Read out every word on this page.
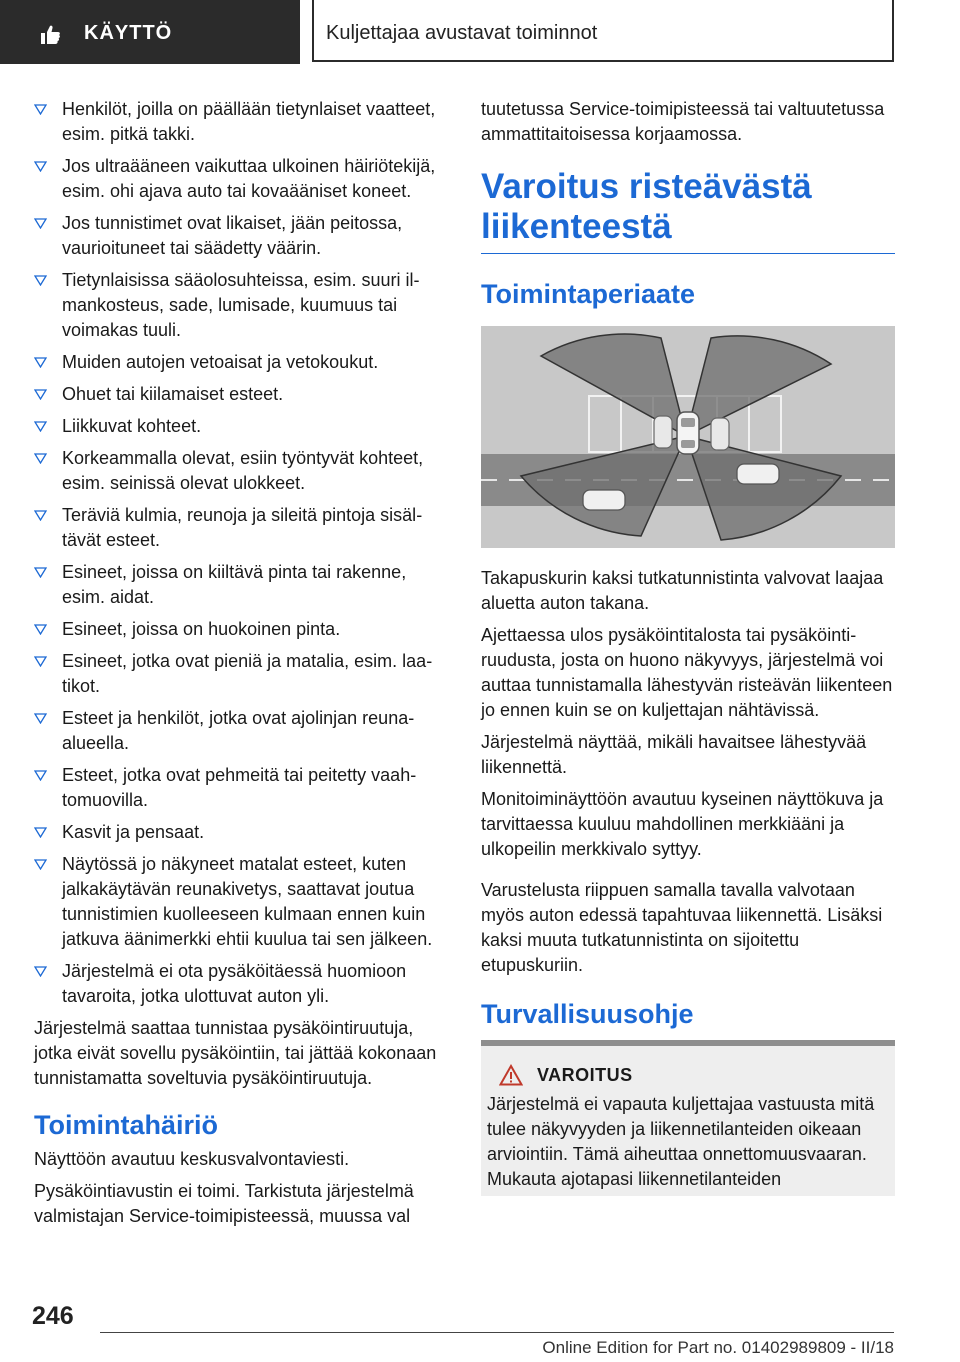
KÄYTTÖ	Kuljettajaa avustavat toiminnot
Henkilöt, joilla on päällään tietynlaiset vaatteet, esim. pitkä takki.
Jos ultraääneen vaikuttaa ulkoinen häiriötekijä, esim. ohi ajava auto tai kovaääniset koneet.
Jos tunnistimet ovat likaiset, jään peitossa, vaurioituneet tai säädetty väärin.
Tietynlaisissa sääolosuhteissa, esim. suuri ilmankosteus, sade, lumisade, kuumuus tai voimakas tuuli.
Muiden autojen vetoaisat ja vetokoukut.
Ohuet tai kiilamaiset esteet.
Liikkuvat kohteet.
Korkeammalla olevat, esiin työntyvät kohteet, esim. seinissä olevat ulokkeet.
Teräviä kulmia, reunoja ja sileitä pintoja sisältävät esteet.
Esineet, joissa on kiiltävä pinta tai rakenne, esim. aidat.
Esineet, joissa on huokoinen pinta.
Esineet, jotka ovat pieniä ja matalia, esim. laatikot.
Esteet ja henkilöt, jotka ovat ajolinjan reunaalueella.
Esteet, jotka ovat pehmeitä tai peitetty vaahtomuovilla.
Kasvit ja pensaat.
Näytössä jo näkyneet matalat esteet, kuten jalkakäytävän reunakivetys, saattavat joutua tunnistimien kuolleeseen kulmaan ennen kuin jatkuva äänimerkki ehtii kuulua tai sen jälkeen.
Järjestelmä ei ota pysäköitäessä huomioon tavaroita, jotka ulottuvat auton yli.

Järjestelmä saattaa tunnistaa pysäköintiruutuja, jotka eivät sovellu pysäköintiin, tai jättää kokonaan tunnistamatta soveltuvia pysäköintiruutuja.

Toimintahäiriö

Näyttöön avautuu keskusvalvontaviesti.

Pysäköintiavustin ei toimi. Tarkistuta järjestelmä valmistajan Service-toimipisteessä, muussa val

tuutetussa Service-toimipisteessä tai valtuutetussa ammattitaitoisessa korjaamossa.

Varoitus risteävästä liikenteestä
Toimintaperiaate

Takapuskurin kaksi tutkatunnistinta valvovat laajaa aluetta auton takana.

Ajettaessa ulos pysäköintitalosta tai pysäköintiruudusta, josta on huono näkyvyys, järjestelmä voi auttaa tunnistamalla lähestyvän risteävän liikenteen jo ennen kuin se on kuljettajan nähtävissä.

Järjestelmä näyttää, mikäli havaitsee lähestyvää liikennettä.

Monitoiminäyttöön avautuu kyseinen näyttökuva ja tarvittaessa kuuluu mahdollinen merkkiääni ja ulkopeilin merkkivalo syttyy.

Varustelusta riippuen samalla tavalla valvotaan myös auton edessä tapahtuvaa liikennettä. Lisäksi kaksi muuta tutkatunnistinta on sijoitettu etupuskuriin.

Turvallisuusohje
VAROITUS

Järjestelmä ei vapauta kuljettajaa vastuusta mitä tulee näkyvyyden ja liikennetilanteiden oikeaan arviointiin. Tämä aiheuttaa onnettomuusvaaran. Mukauta ajotapasi liikennetilanteiden

246
Online Edition for Part no. 01402989809 - II/18
